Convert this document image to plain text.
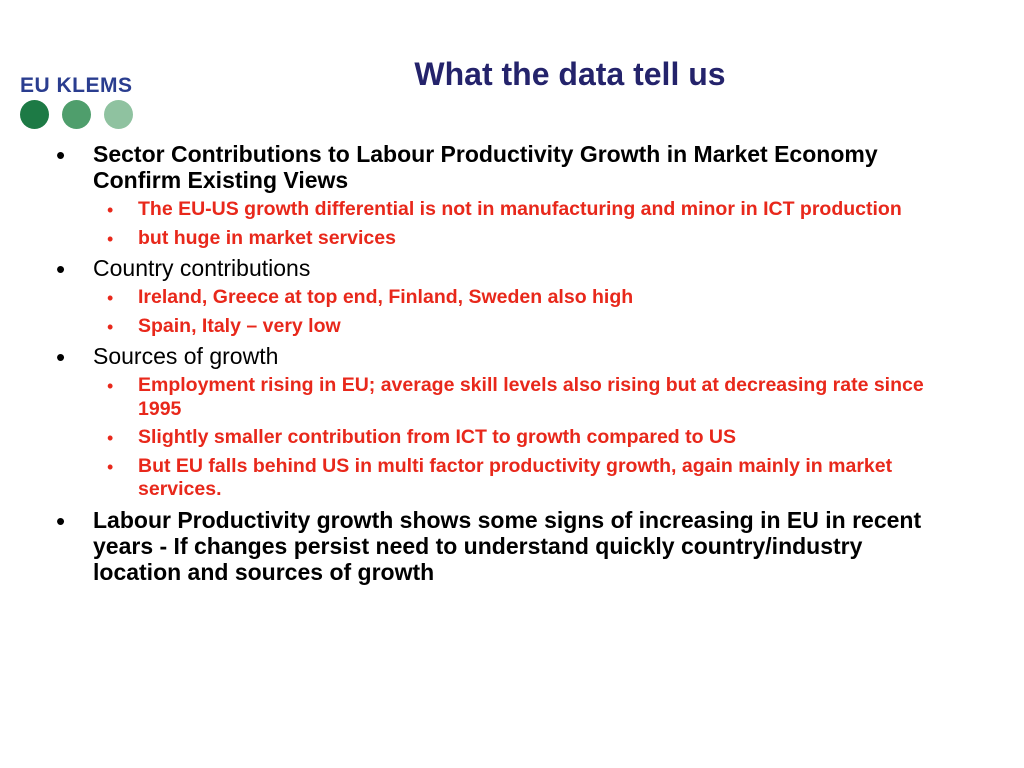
EU KLEMS	What the data tell us
• Sector Contributions to Labour Productivity Growth in Market Economy Confirm Existing Views
• The EU-US growth differential is not in manufacturing and minor in ICT production
• but huge in market services
• Country contributions
• Ireland, Greece at top end, Finland, Sweden also high
• Spain, Italy – very low
• Sources of growth
• Employment rising in EU; average skill levels also rising but at decreasing rate since 1995
• Slightly smaller contribution from ICT to growth compared to US
• But EU falls behind US in multi factor productivity growth, again mainly in market services.
• Labour Productivity growth shows some signs of increasing in EU in recent years - If changes persist need to understand quickly country/industry location and sources of growth
